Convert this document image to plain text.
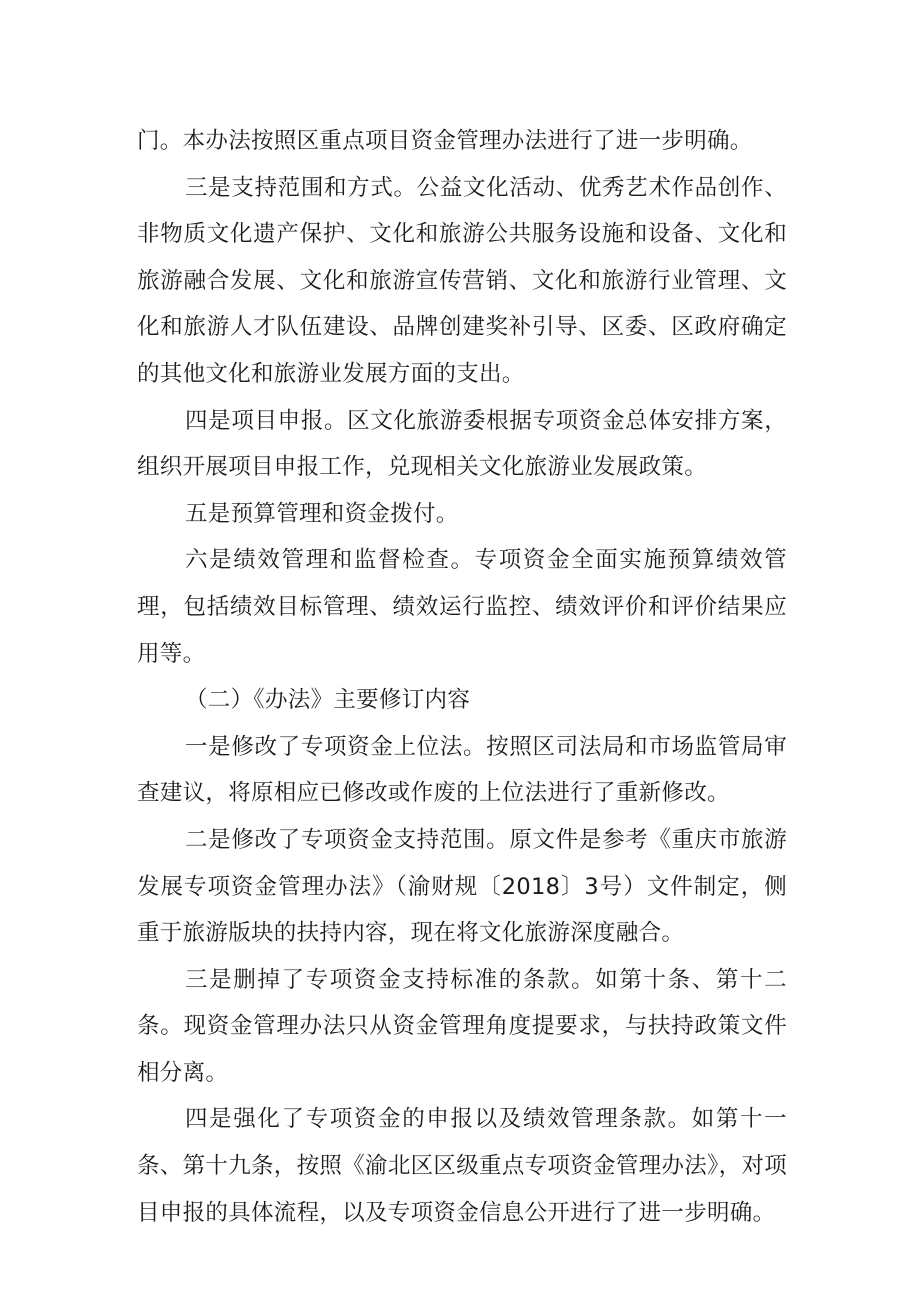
门。本办法按照区重点项目资金管理办法进行了进一步明确。

三是支持范围和方式。公益文化活动、优秀艺术作品创作、非物质文化遗产保护、文化和旅游公共服务设施和设备、文化和旅游融合发展、文化和旅游宣传营销、文化和旅游行业管理、文化和旅游人才队伍建设、品牌创建奖补引导、区委、区政府确定的其他文化和旅游业发展方面的支出。

四是项目申报。区文化旅游委根据专项资金总体安排方案，组织开展项目申报工作，兑现相关文化旅游业发展政策。

五是预算管理和资金拨付。

六是绩效管理和监督检查。专项资金全面实施预算绩效管理，包括绩效目标管理、绩效运行监控、绩效评价和评价结果应用等。

（二）《办法》主要修订内容

一是修改了专项资金上位法。按照区司法局和市场监管局审查建议，将原相应已修改或作废的上位法进行了重新修改。

二是修改了专项资金支持范围。原文件是参考《重庆市旅游发展专项资金管理办法》（渝财规〔2018〕3号）文件制定，侧重于旅游版块的扶持内容，现在将文化旅游深度融合。

三是删掉了专项资金支持标准的条款。如第十条、第十二条。现资金管理办法只从资金管理角度提要求，与扶持政策文件相分离。

四是强化了专项资金的申报以及绩效管理条款。如第十一条、第十九条，按照《渝北区区级重点专项资金管理办法》，对项目申报的具体流程，以及专项资金信息公开进行了进一步明确。
